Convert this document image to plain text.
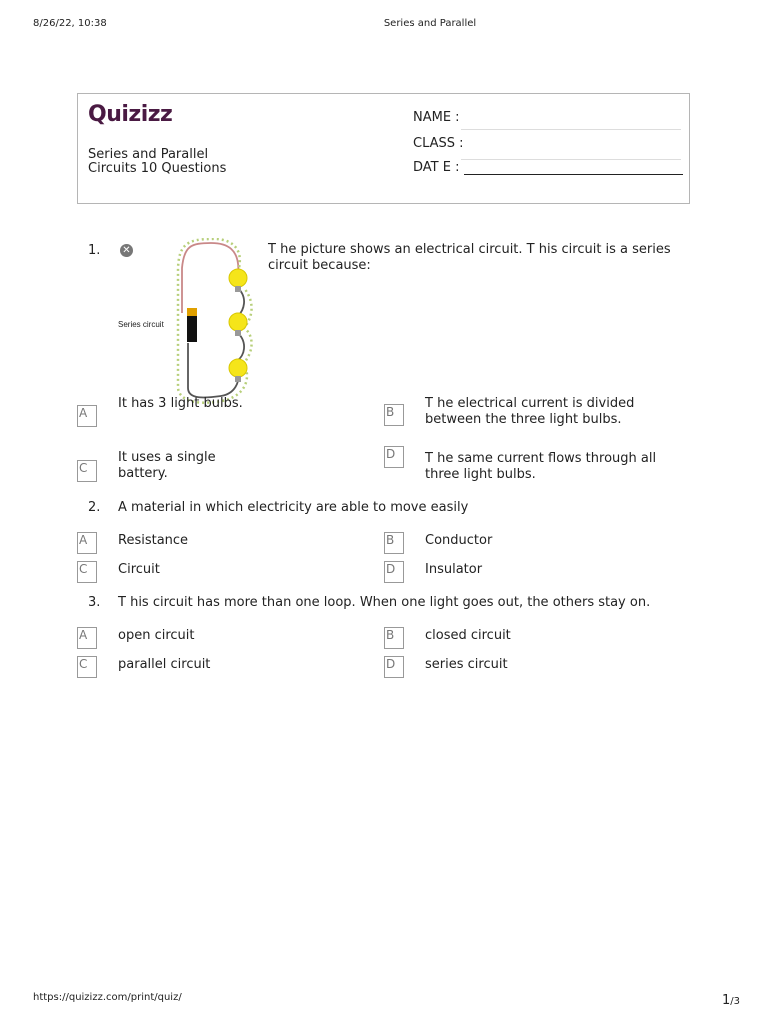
8/26/22, 10:38	Series and Parallel
Quizizz
Series and Parallel
Circuits 10 Questions
NAME :
CLASS :
DAT E :
1. ✕
Series circuit
T he picture shows an electrical circuit. T his circuit is a series
circuit because:
A
It has 3 light bulbs.
B
T he electrical current is divided
between the three light bulbs.
C
It uses a single
battery.
D	T he same current flows through all
three light bulbs.
2. A material in which electricity are able to move easily
A	Resistance	B	Conductor
C	Circuit	D	Insulator
3. T his circuit has more than one loop. When one light goes out, the others stay on.
A	open circuit	B	closed circuit
C	parallel circuit	D	series circuit
https://quizizz.com/print/quiz/	1/3
